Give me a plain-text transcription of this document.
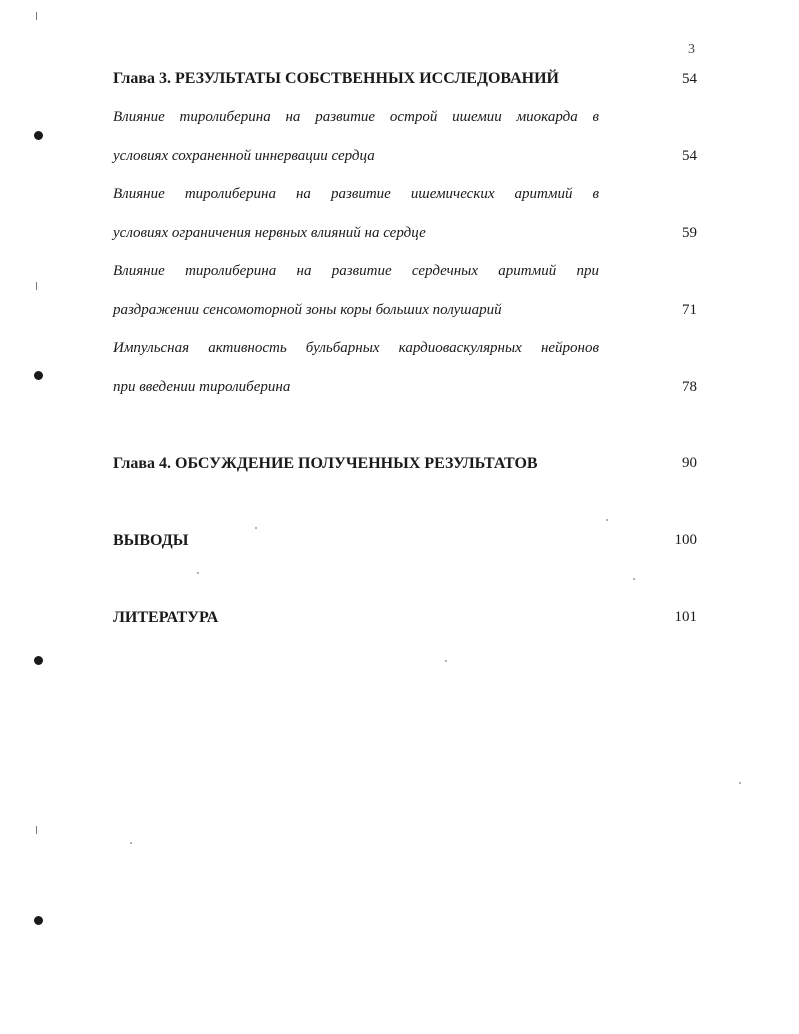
3
Глава 3. РЕЗУЛЬТАТЫ СОБСТВЕННЫХ ИССЛЕДОВАНИЙ	54
Влияние тиролиберина на развитие острой ишемии миокарда в
условиях сохраненной иннервации сердца	54
Влияние тиролиберина на развитие ишемических аритмий в
условиях ограничения нервных влияний на сердце	59
Влияние тиролиберина на развитие сердечных аритмий при
раздражении сенсомоторной зоны коры больших полушарий	71
Импульсная активность бульбарных кардиоваскулярных нейронов
при введении тиролиберина	78
Глава 4. ОБСУЖДЕНИЕ ПОЛУЧЕННЫХ РЕЗУЛЬТАТОВ	90
ВЫВОДЫ	100
ЛИТЕРАТУРА	101
